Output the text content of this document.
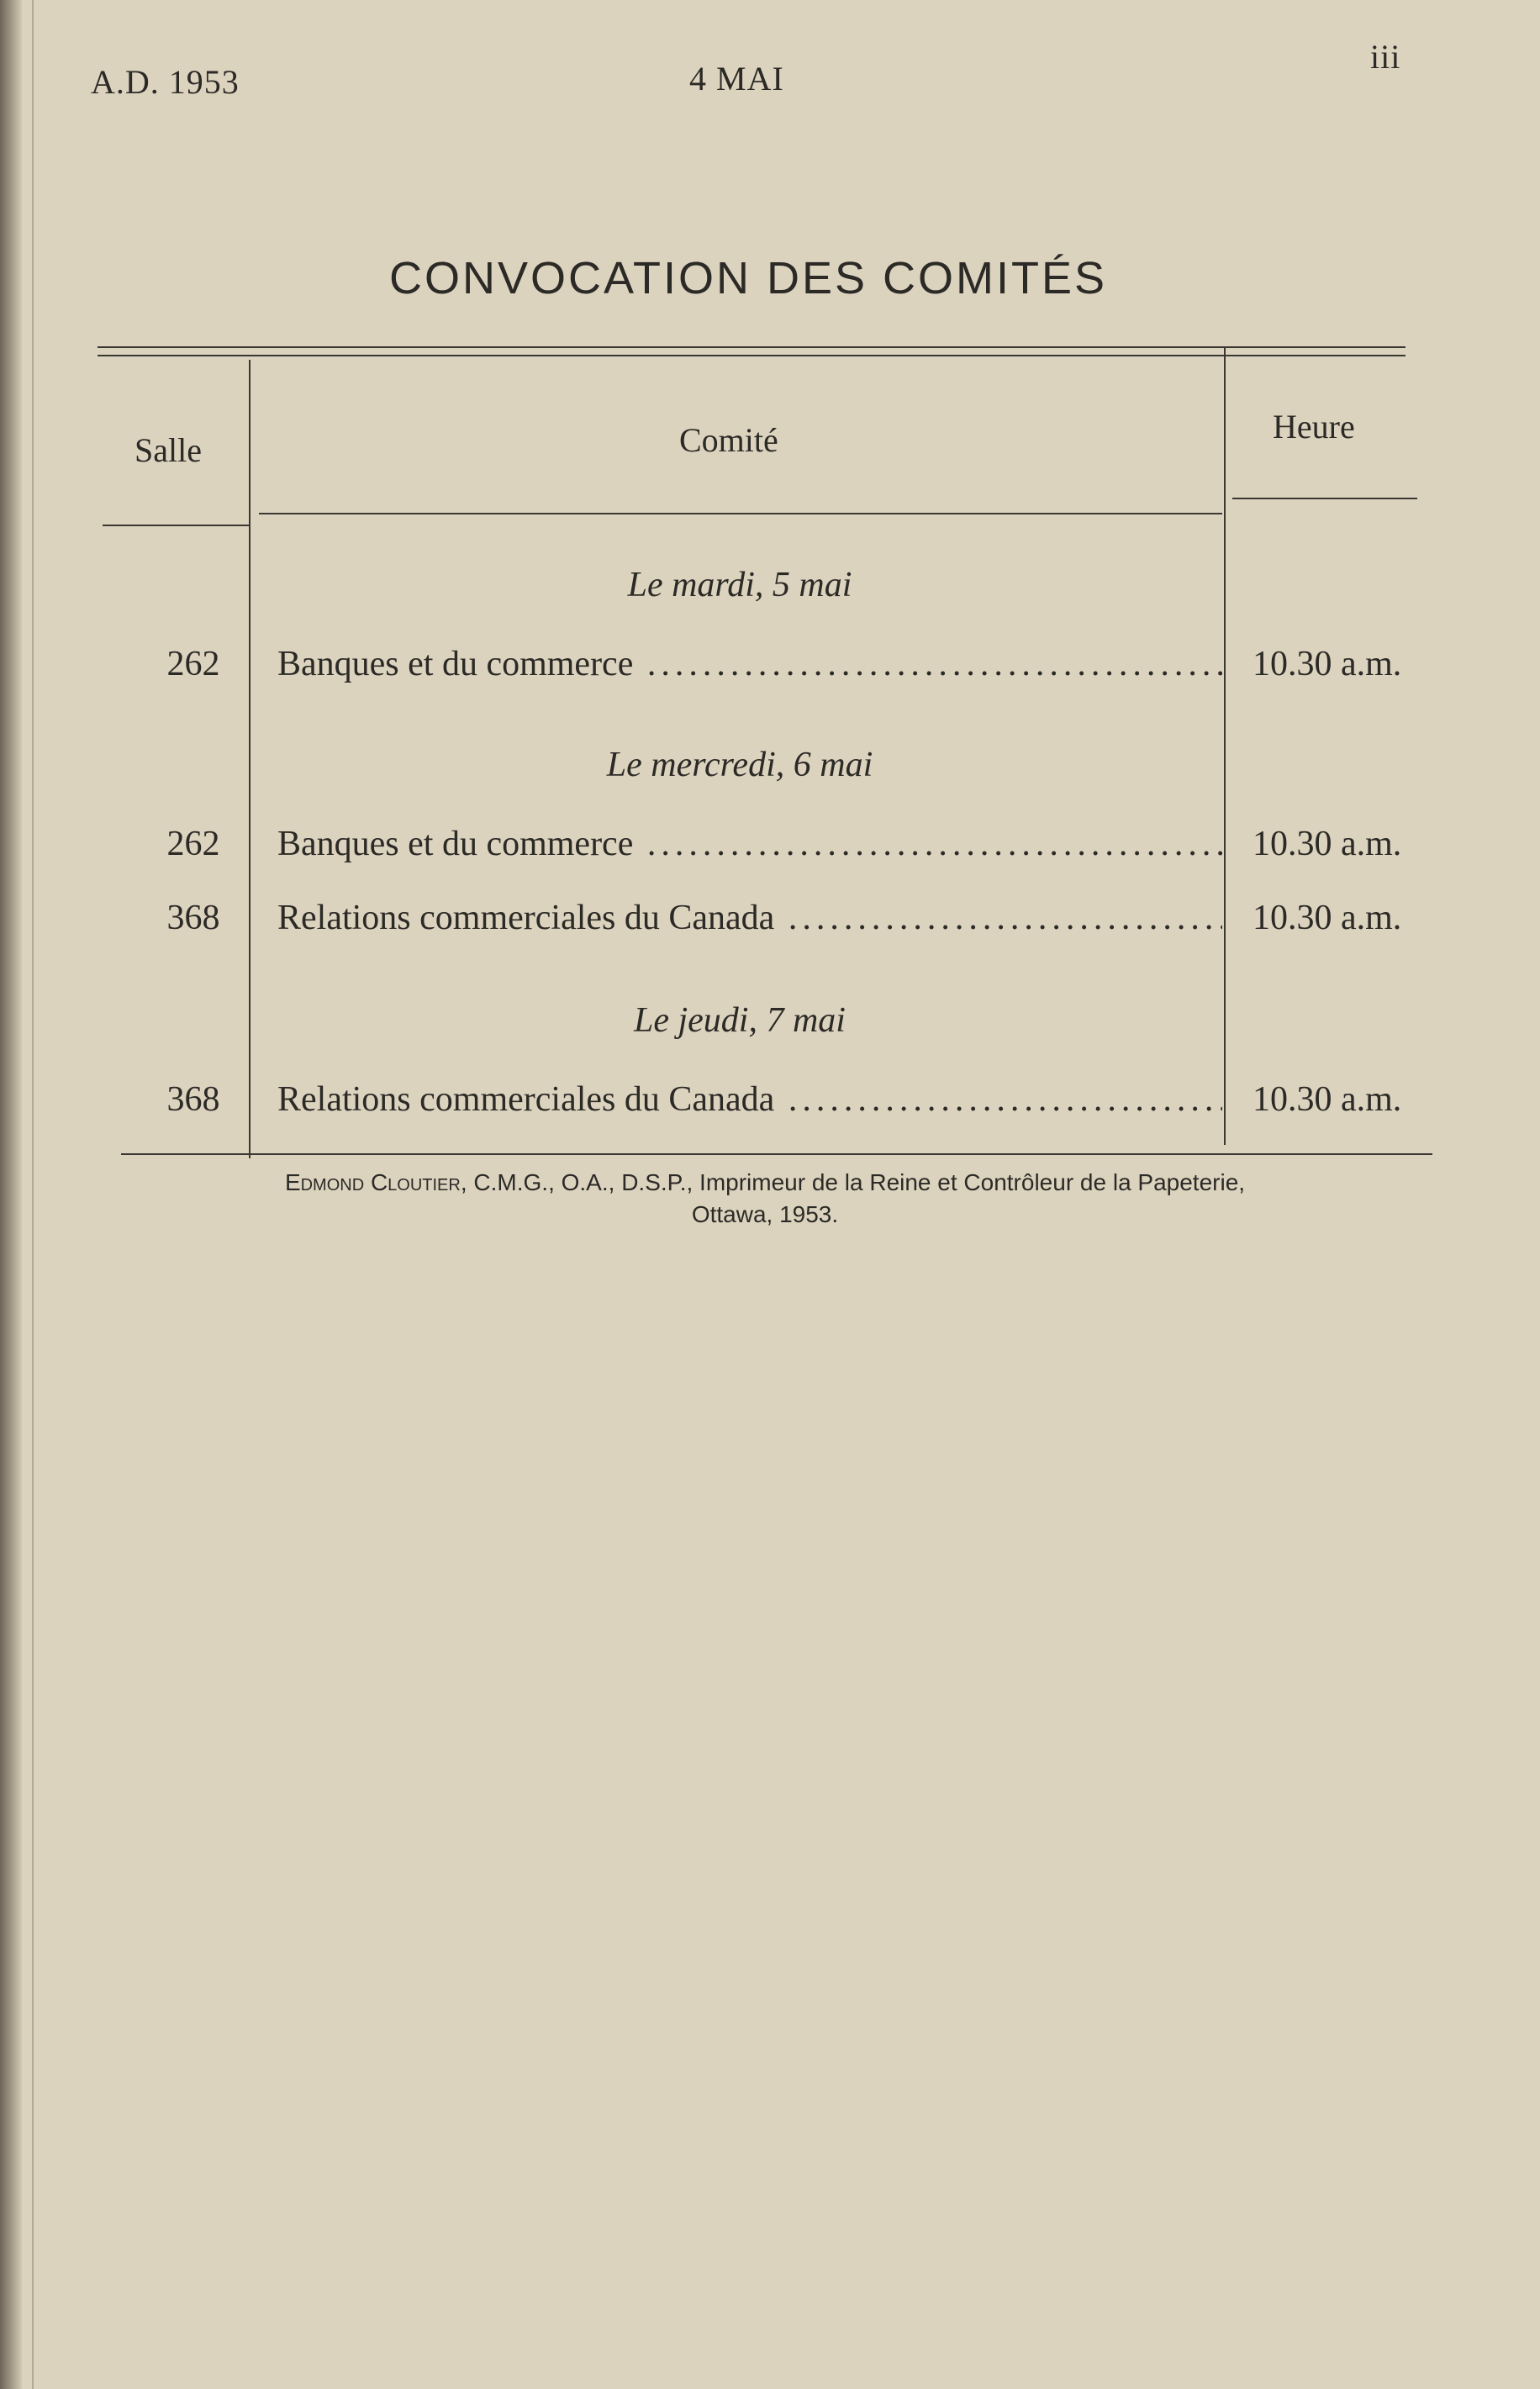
A.D. 1953	4 MAI
iii
CONVOCATION DES COMITÉS
Salle	Comité	Heure
Le mardi, 5 mai
262	Banques et du commerce .....	10.30 a.m.
Le mercredi, 6 mai
262	Banques et du commerce .....	10.30 a.m.
368	Relations commerciales du Canada .....	10.30 a.m.
Le jeudi, 7 mai
368	Relations commerciales du Canada .....	10.30 a.m.
Edmond Cloutier, C.M.G., O.A., D.S.P., Imprimeur de la Reine et Contrôleur de la Papeterie,
Ottawa, 1953.
